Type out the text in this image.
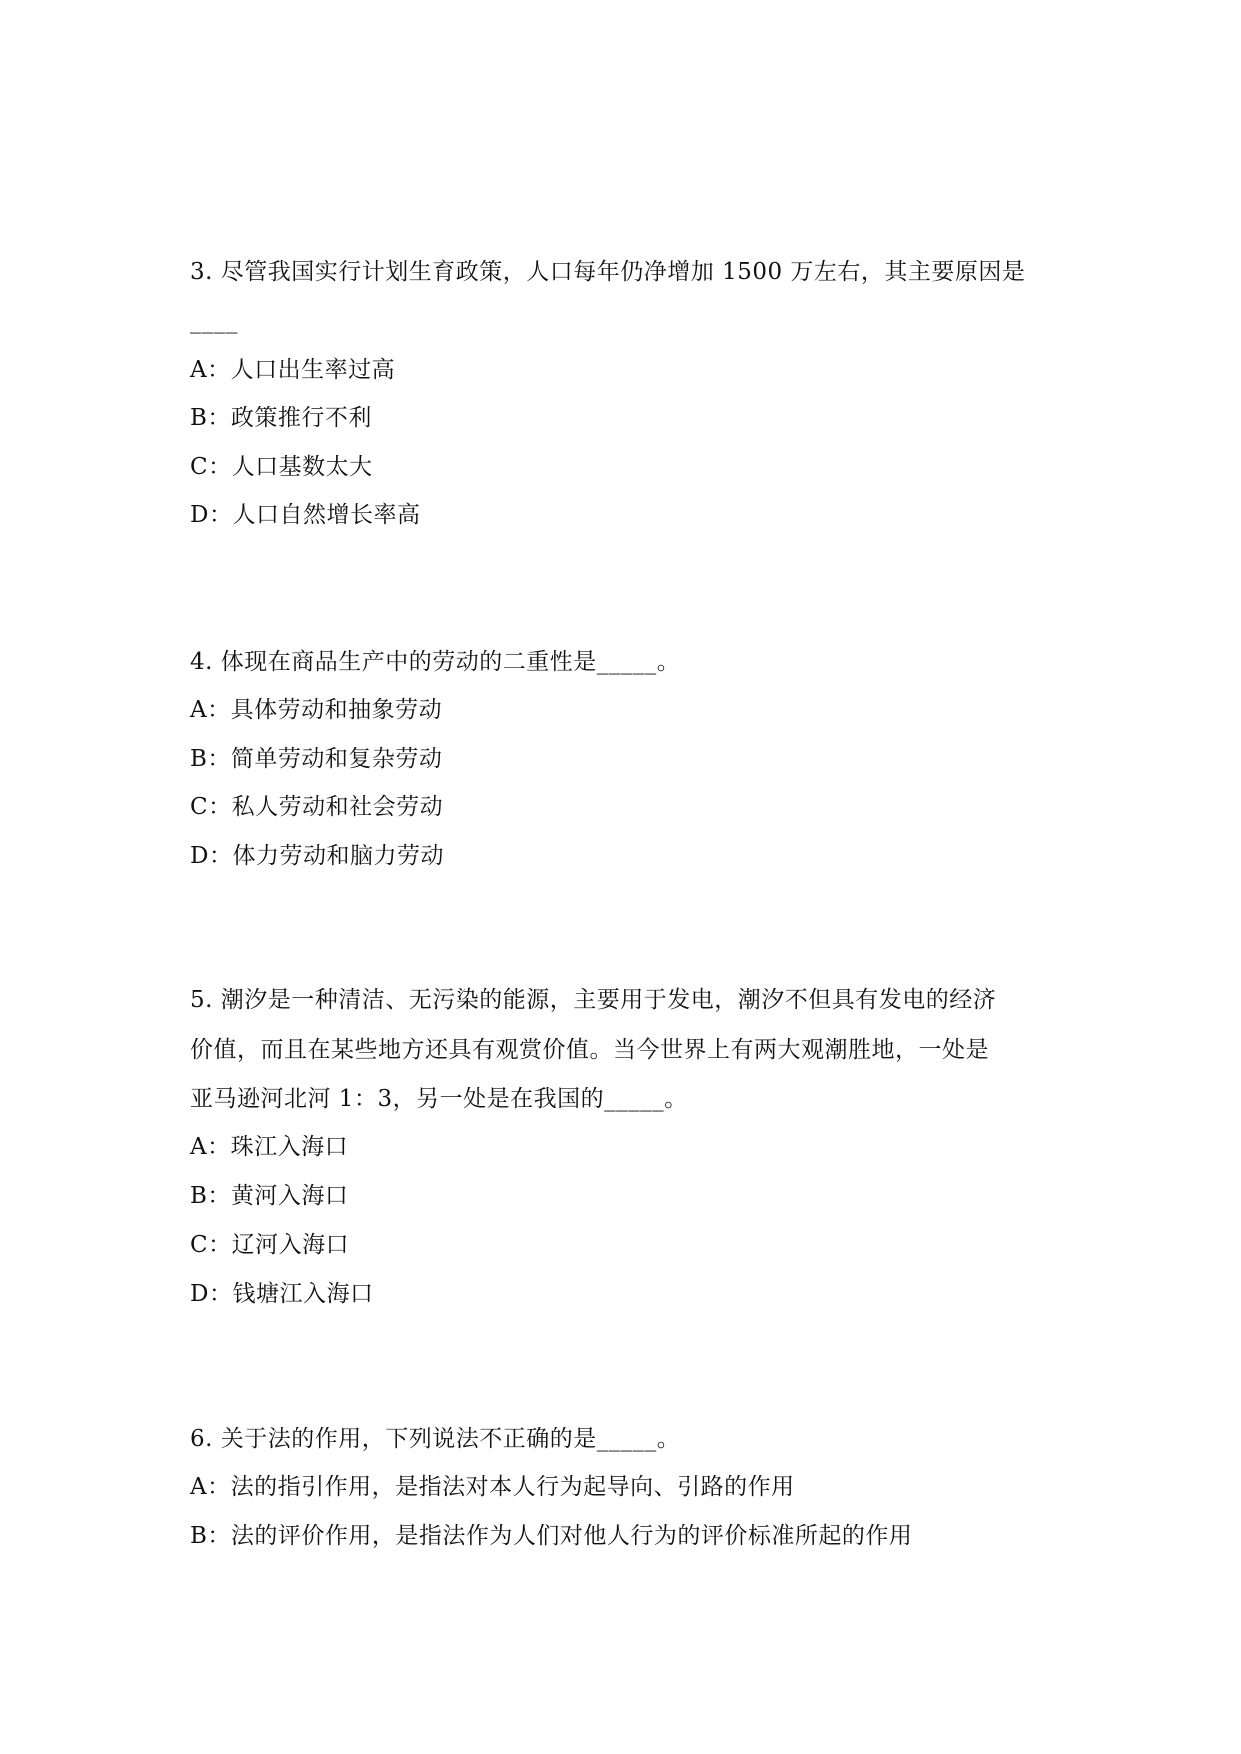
3. 尽管我国实行计划生育政策，人口每年仍净增加 1500 万左右，其主要原因是
____
A：人口出生率过高
B：政策推行不利
C：人口基数太大
D：人口自然增长率高
4. 体现在商品生产中的劳动的二重性是_____。
A：具体劳动和抽象劳动
B：简单劳动和复杂劳动
C：私人劳动和社会劳动
D：体力劳动和脑力劳动
5. 潮汐是一种清洁、无污染的能源，主要用于发电，潮汐不但具有发电的经济
价值，而且在某些地方还具有观赏价值。当今世界上有两大观潮胜地，一处是
亚马逊河北河 1：3，另一处是在我国的_____。
A：珠江入海口
B：黄河入海口
C：辽河入海口
D：钱塘江入海口
6. 关于法的作用，下列说法不正确的是_____。
A：法的指引作用，是指法对本人行为起导向、引路的作用
B：法的评价作用，是指法作为人们对他人行为的评价标准所起的作用
